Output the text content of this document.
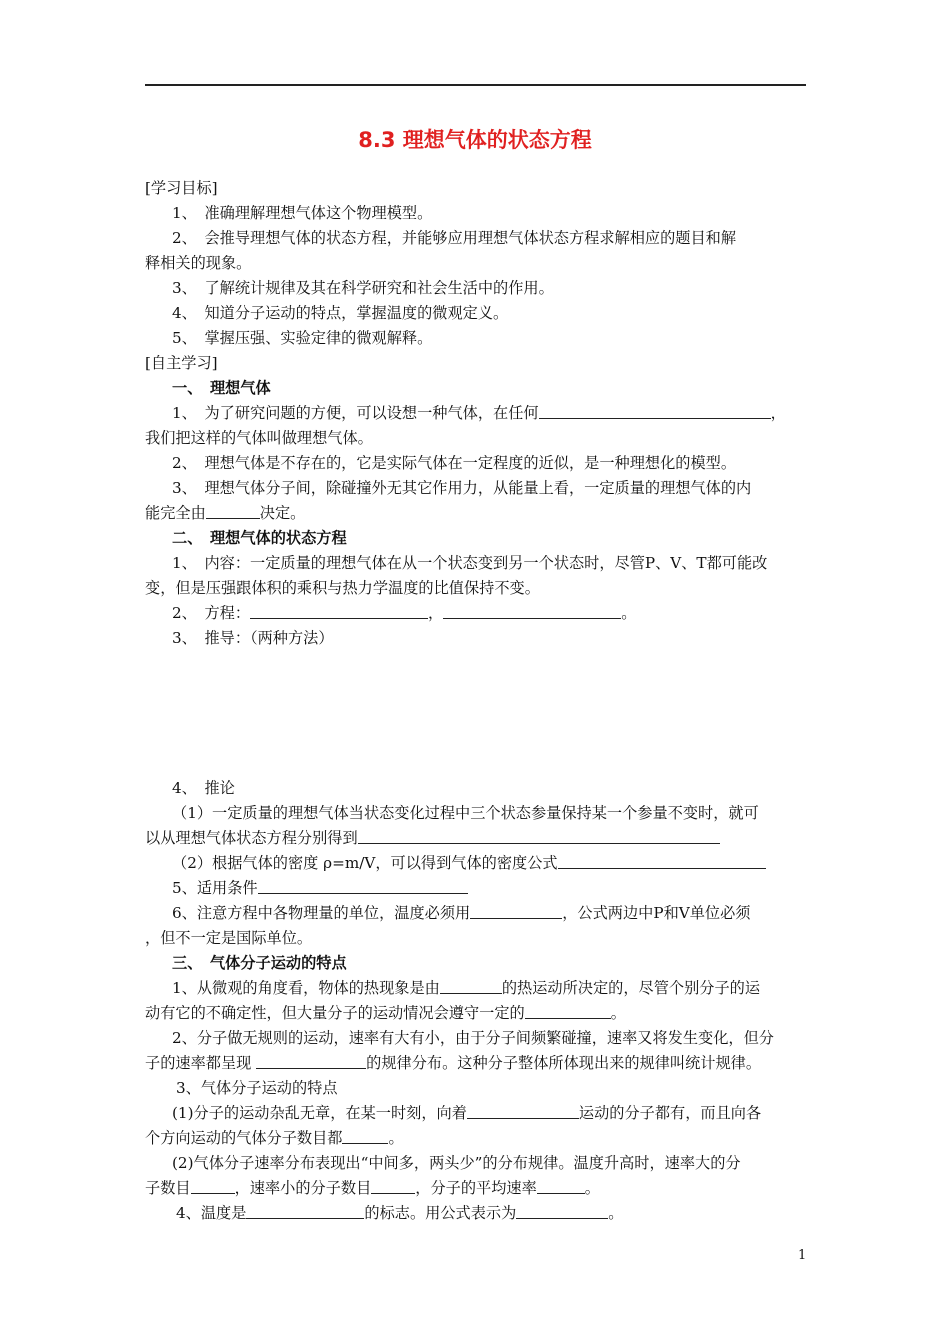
8.3 理想气体的状态方程
[学习目标]
1、　准确理解理想气体这个物理模型。
2、　会推导理想气体的状态方程，并能够应用理想气体状态方程求解相应的题目和解
释相关的现象。
3、　了解统计规律及其在科学研究和社会生活中的作用。
4、　知道分子运动的特点，掌握温度的微观定义。
5、　掌握压强、实验定律的微观解释。
[自主学习]
一、　理想气体
1、　为了研究问题的方便，可以设想一种气体，在任何	，
我们把这样的气体叫做理想气体。
2、　理想气体是不存在的，它是实际气体在一定程度的近似，是一种理想化的模型。
3、　理想气体分子间，除碰撞外无其它作用力，从能量上看，一定质量的理想气体的内
能完全由	决定。
二、　理想气体的状态方程
1、　内容：一定质量的理想气体在从一个状态变到另一个状态时，尽管P、V、T都可能改
变，但是压强跟体积的乘积与热力学温度的比值保持不变。
2、　方程：	，	。
3、　推导：（两种方法）
4、　推论
（1）一定质量的理想气体当状态变化过程中三个状态参量保持某一个参量不变时，就可
以从理想气体状态方程分别得到
（2）根据气体的密度 ρ=m/V，可以得到气体的密度公式
5、适用条件
6、注意方程中各物理量的单位，温度必须用	，公式两边中P和V单位必须
，但不一定是国际单位。
三、　气体分子运动的特点
1、从微观的角度看，物体的热现象是由	的热运动所决定的，尽管个别分子的运
动有它的不确定性，但大量分子的运动情况会遵守一定的	。
2、分子做无规则的运动，速率有大有小，由于分子间频繁碰撞，速率又将发生变化，但分
子的速率都呈现	的规律分布。这种分子整体所体现出来的规律叫统计规律。
3、气体分子运动的特点
(1)分子的运动杂乱无章，在某一时刻，向着	运动的分子都有，而且向各
个方向运动的气体分子数目都	。
(2)气体分子速率分布表现出“中间多，两头少”的分布规律。温度升高时，速率大的分
子数目	，速率小的分子数目	，分子的平均速率	。
4、温度是	的标志。用公式表示为	。
1
